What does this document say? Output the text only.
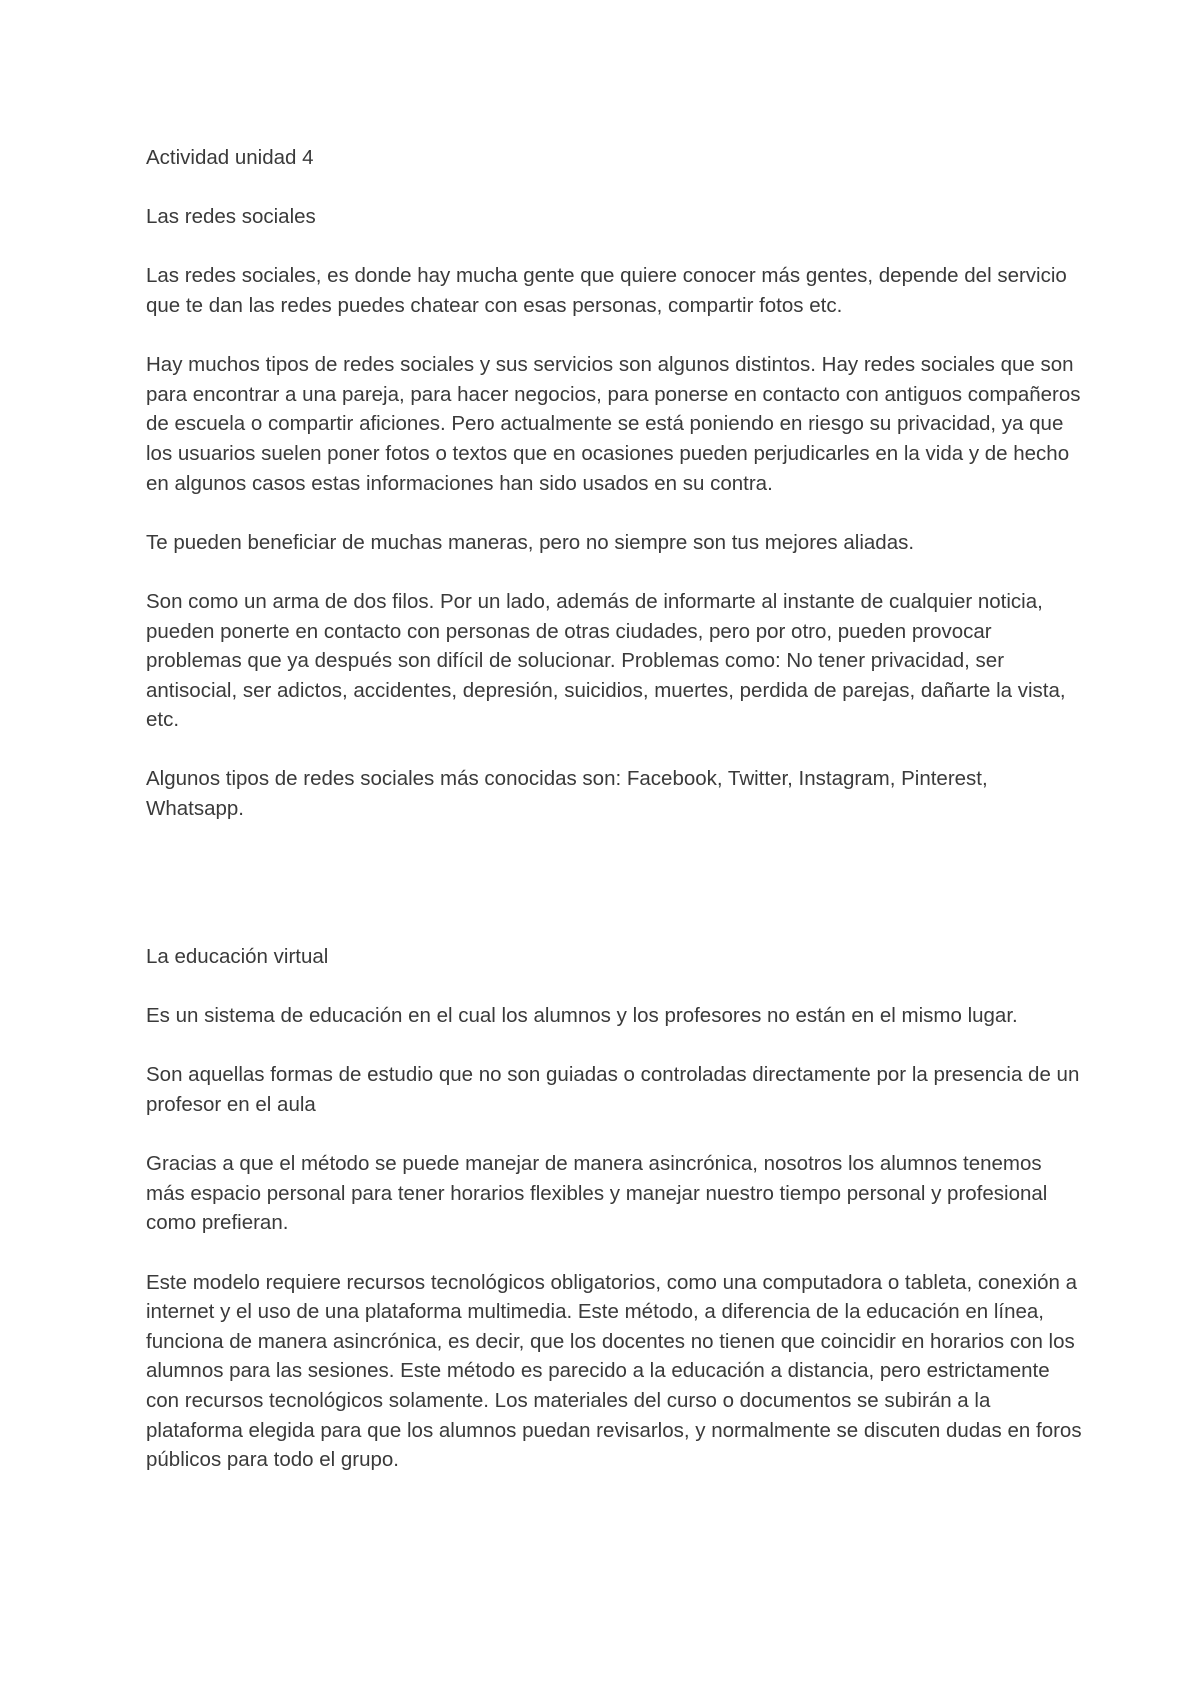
Actividad unidad 4

Las redes sociales

Las redes sociales, es donde hay mucha gente que quiere conocer más gentes, depende del servicio que te dan las redes puedes chatear con esas personas, compartir fotos etc.

Hay muchos tipos de redes sociales y sus servicios son algunos distintos. Hay redes sociales que son para encontrar a una pareja, para hacer negocios, para ponerse en contacto con antiguos compañeros de escuela o compartir aficiones. Pero actualmente se está poniendo en riesgo su privacidad, ya que los usuarios suelen poner fotos o textos que en ocasiones pueden perjudicarles en la vida y de hecho en algunos casos estas informaciones han sido usados en su contra.

Te pueden beneficiar de muchas maneras, pero no siempre son tus mejores aliadas.

Son como un arma de dos filos. Por un lado, además de informarte al instante de cualquier noticia, pueden ponerte en contacto con personas de otras ciudades, pero por otro, pueden provocar problemas que ya después son difícil de solucionar. Problemas como: No tener privacidad, ser antisocial, ser adictos, accidentes, depresión, suicidios, muertes, perdida de parejas, dañarte la vista, etc.

Algunos tipos de redes sociales más conocidas son: Facebook, Twitter, Instagram, Pinterest, Whatsapp.

La educación virtual

Es un sistema de educación en el cual los alumnos y los profesores no están en el mismo lugar.

Son aquellas formas de estudio que no son guiadas o controladas directamente por la presencia de un profesor en el aula

Gracias a que el método se puede manejar de manera asincrónica, nosotros los alumnos tenemos más espacio personal para tener horarios flexibles y manejar nuestro tiempo personal y profesional como prefieran.

Este modelo requiere recursos tecnológicos obligatorios, como una computadora o tableta, conexión a internet y el uso de una plataforma multimedia. Este método, a diferencia de la educación en línea, funciona de manera asincrónica, es decir, que los docentes no tienen que coincidir en horarios con los alumnos para las sesiones. Este método es parecido a la educación a distancia, pero estrictamente con recursos tecnológicos solamente. Los materiales del curso o documentos se subirán a la plataforma elegida para que los alumnos puedan revisarlos, y normalmente se discuten dudas en foros públicos para todo el grupo.
